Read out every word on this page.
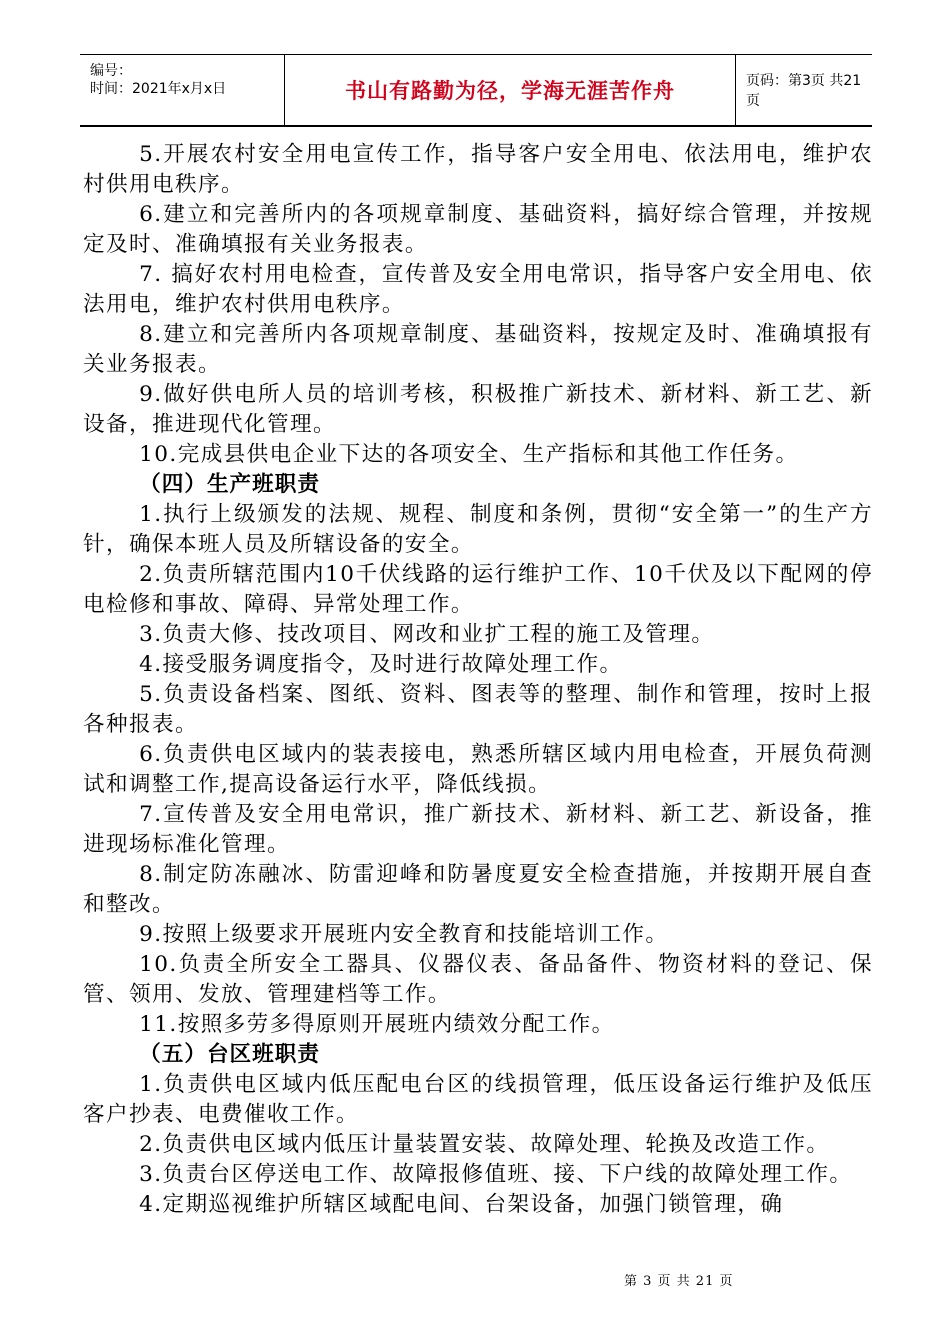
编号：
时间：2021年x月x日	书山有路勤为径，学海无涯苦作舟	页码：第3页 共21页

5.开展农村安全用电宣传工作，指导客户安全用电、依法用电，维护农村供用电秩序。

6.建立和完善所内的各项规章制度、基础资料，搞好综合管理，并按规定及时、准确填报有关业务报表。

7. 搞好农村用电检查，宣传普及安全用电常识，指导客户安全用电、依法用电，维护农村供用电秩序。

8.建立和完善所内各项规章制度、基础资料，按规定及时、准确填报有关业务报表。

9.做好供电所人员的培训考核，积极推广新技术、新材料、新工艺、新设备，推进现代化管理。

10.完成县供电企业下达的各项安全、生产指标和其他工作任务。

（四）生产班职责

1.执行上级颁发的法规、规程、制度和条例，贯彻“安全第一”的生产方针，确保本班人员及所辖设备的安全。

2.负责所辖范围内10千伏线路的运行维护工作、10千伏及以下配网的停电检修和事故、障碍、异常处理工作。

3.负责大修、技改项目、网改和业扩工程的施工及管理。

4.接受服务调度指令，及时进行故障处理工作。

5.负责设备档案、图纸、资料、图表等的整理、制作和管理，按时上报各种报表。

6.负责供电区域内的装表接电，熟悉所辖区域内用电检查，开展负荷测试和调整工作,提高设备运行水平，降低线损。

7.宣传普及安全用电常识，推广新技术、新材料、新工艺、新设备，推进现场标准化管理。

8.制定防冻融冰、防雷迎峰和防暑度夏安全检查措施，并按期开展自查和整改。

9.按照上级要求开展班内安全教育和技能培训工作。

10.负责全所安全工器具、仪器仪表、备品备件、物资材料的登记、保管、领用、发放、管理建档等工作。

11.按照多劳多得原则开展班内绩效分配工作。

（五）台区班职责

1.负责供电区域内低压配电台区的线损管理，低压设备运行维护及低压客户抄表、电费催收工作。

2.负责供电区域内低压计量装置安装、故障处理、轮换及改造工作。

3.负责台区停送电工作、故障报修值班、接、下户线的故障处理工作。

4.定期巡视维护所辖区域配电间、台架设备，加强门锁管理，确

第 3 页 共 21 页
